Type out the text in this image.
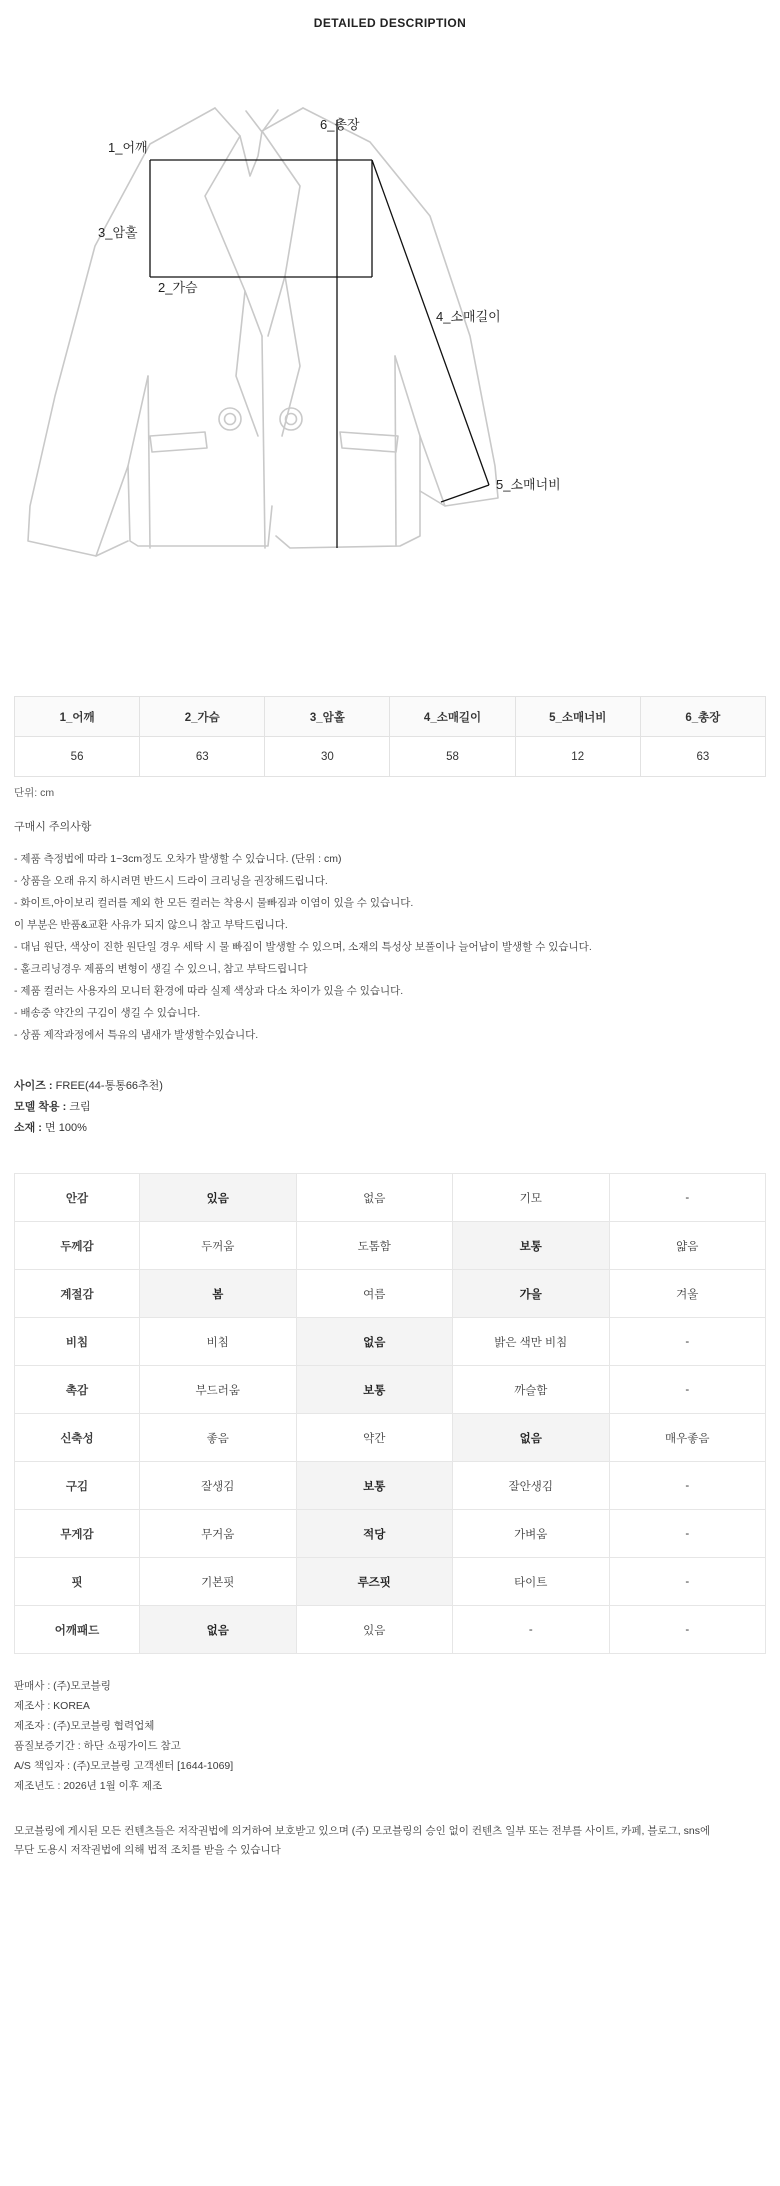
DETAILED DESCRIPTION
1_어깨
2_가슴
3_암홀
4_소매길이
5_소매너비
6_총장
1_어깨	2_가슴	3_암홀	4_소매길이	5_소매너비	6_총장
56	63	30	58	12	63
단위: cm
구매시 주의사항
- 제품 측정법에 따라 1~3cm정도 오차가 발생할 수 있습니다. (단위 : cm)
- 상품을 오래 유지 하시려면 반드시 드라이 크리닝을 권장해드립니다.
- 화이트,아이보리 컬러를 제외 한 모든 컬러는 착용시 물빠짐과 이염이 있을 수 있습니다.
이 부분은 반품&교환 사유가 되지 않으니 참고 부탁드립니다.
- 대님 원단, 색상이 진한 원단일 경우 세탁 시 물 빠짐이 발생할 수 있으며, 소재의 특성상 보풀이나 늘어남이 발생할 수 있습니다.
- 홀크리닝경우 제품의 변형이 생길 수 있으니, 참고 부탁드립니다
- 제품 컬러는 사용자의 모니터 환경에 따라 실제 색상과 다소 차이가 있을 수 있습니다.
- 배송중 약간의 구김이 생길 수 있습니다.
- 상품 제작과정에서 특유의 냄새가 발생할수있습니다.
사이즈 : FREE(44-통통66추천)
모델 착용 : 크림
소재 : 면 100%
안감	있음	없음	기모	-
두께감	두꺼움	도톰함	보통	얇음
계절감	봄	여름	가을	겨울
비침	비침	없음	밝은 색만 비침	-
촉감	부드러움	보통	까슬함	-
신축성	좋음	약간	없음	매우좋음
구김	잘생김	보통	잘안생김	-
무게감	무거움	적당	가벼움	-
핏	기본핏	루즈핏	타이트	-
어깨패드	없음	있음	-	-
판매사 : (주)모코블링
제조사 : KOREA
제조자 : (주)모코블링 협력업체
품질보증기간 : 하단 쇼핑가이드 참고
A/S 책임자 : (주)모코블링 고객센터 [1644-1069]
제조년도 : 2026년 1월 이후 제조
모코블링에 게시된 모든 컨텐츠들은 저작권법에 의거하여 보호받고 있으며 (주) 모코블링의 승인 없이 컨텐츠 일부 또는 전부를 사이트, 카페, 블로그, sns에
무단 도용시 저작권법에 의해 법적 조치를 받을 수 있습니다
